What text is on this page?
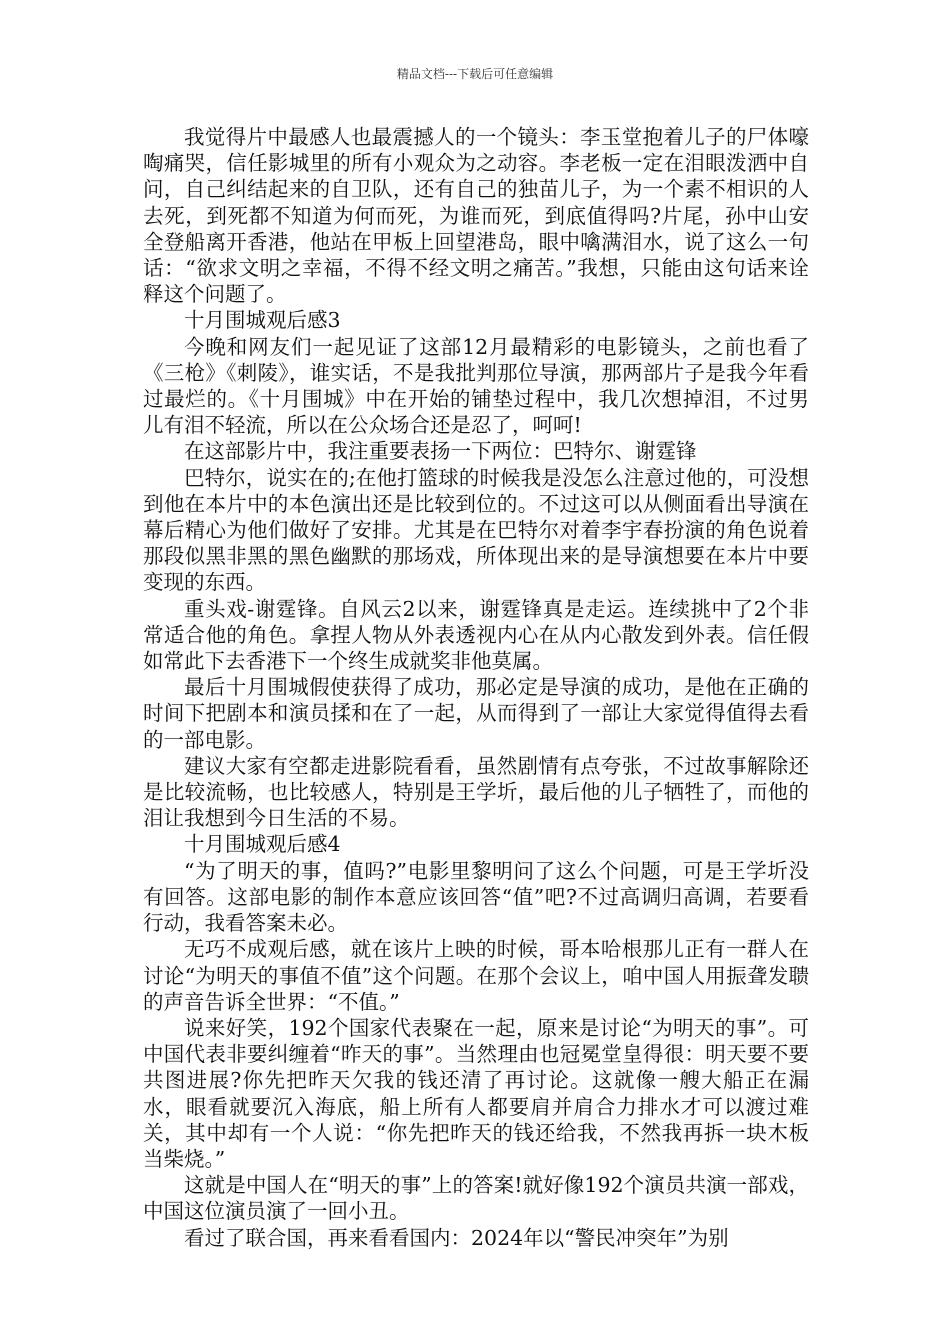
精品文档---下载后可任意编辑

我觉得片中最感人也最震撼人的一个镜头：李玉堂抱着儿子的尸体嚎啕痛哭，信任影城里的所有小观众为之动容。李老板一定在泪眼泼洒中自问，自己纠结起来的自卫队，还有自己的独苗儿子，为一个素不相识的人去死，到死都不知道为何而死，为谁而死，到底值得吗?片尾，孙中山安全登船离开香港，他站在甲板上回望港岛，眼中噙满泪水，说了这么一句话：“欲求文明之幸福，不得不经文明之痛苦。”我想，只能由这句话来诠释这个问题了。

十月围城观后感3

今晚和网友们一起见证了这部12月最精彩的电影镜头，之前也看了《三枪》《刺陵》，谁实话，不是我批判那位导演，那两部片子是我今年看过最烂的。《十月围城》中在开始的铺垫过程中，我几次想掉泪，不过男儿有泪不轻流，所以在公众场合还是忍了，呵呵!

在这部影片中，我注重要表扬一下两位：巴特尔、谢霆锋

巴特尔，说实在的;在他打篮球的时候我是没怎么注意过他的，可没想到他在本片中的本色演出还是比较到位的。不过这可以从侧面看出导演在幕后精心为他们做好了安排。尤其是在巴特尔对着李宇春扮演的角色说着那段似黑非黑的黑色幽默的那场戏，所体现出来的是导演想要在本片中要变现的东西。

重头戏-谢霆锋。自风云2以来，谢霆锋真是走运。连续挑中了2个非常适合他的角色。拿捏人物从外表透视内心在从内心散发到外表。信任假如常此下去香港下一个终生成就奖非他莫属。

最后十月围城假使获得了成功，那必定是导演的成功，是他在正确的时间下把剧本和演员揉和在了一起，从而得到了一部让大家觉得值得去看的一部电影。

建议大家有空都走进影院看看，虽然剧情有点夸张，不过故事解除还是比较流畅，也比较感人，特别是王学圻，最后他的儿子牺牲了，而他的泪让我想到今日生活的不易。

十月围城观后感4

“为了明天的事，值吗?”电影里黎明问了这么个问题，可是王学圻没有回答。这部电影的制作本意应该回答“值”吧?不过高调归高调，若要看行动，我看答案未必。

无巧不成观后感，就在该片上映的时候，哥本哈根那儿正有一群人在讨论“为明天的事值不值”这个问题。在那个会议上，咱中国人用振聋发聩的声音告诉全世界：“不值。”

说来好笑，192个国家代表聚在一起，原来是讨论“为明天的事”。可中国代表非要纠缠着“昨天的事”。当然理由也冠冕堂皇得很：明天要不要共图进展?你先把昨天欠我的钱还清了再讨论。这就像一艘大船正在漏水，眼看就要沉入海底，船上所有人都要肩并肩合力排水才可以渡过难关，其中却有一个人说：“你先把昨天的钱还给我，不然我再拆一块木板当柴烧。”

这就是中国人在“明天的事”上的答案!就好像192个演员共演一部戏，中国这位演员演了一回小丑。

看过了联合国，再来看看国内：2024年以“警民冲突年”为别
